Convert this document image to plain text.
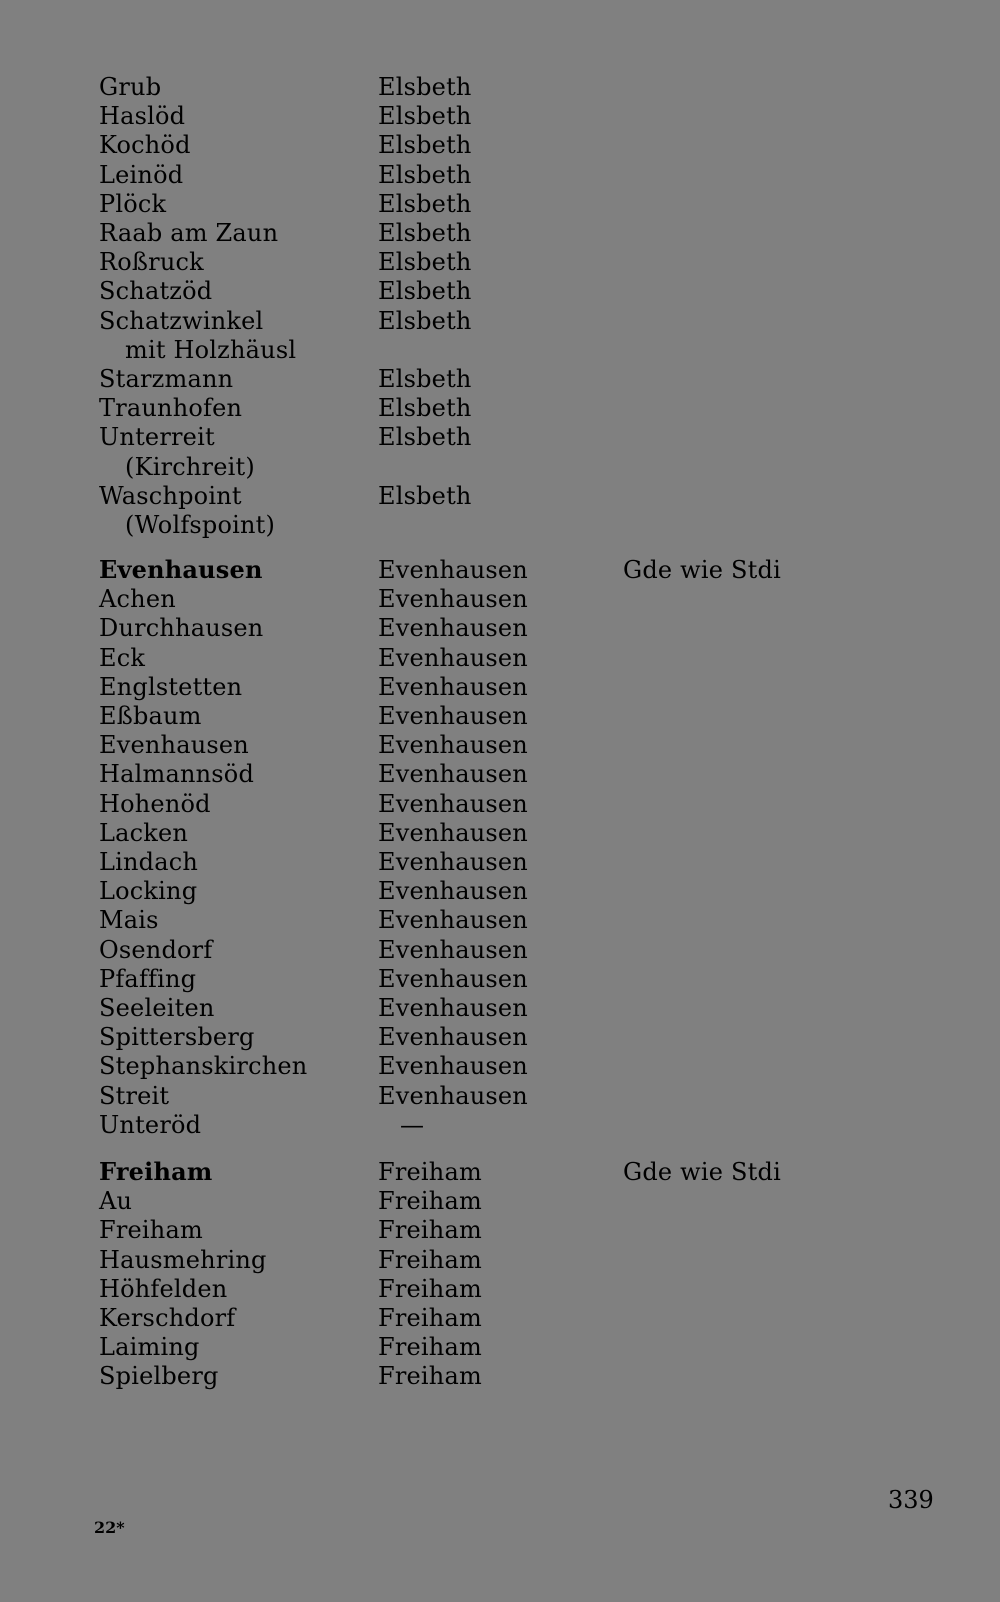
Grub	Elsbeth
Haslöd	Elsbeth
Kochöd	Elsbeth
Leinöd	Elsbeth
Plöck	Elsbeth
Raab am Zaun	Elsbeth
Roßruck	Elsbeth
Schatzöd	Elsbeth
Schatzwinkel	Elsbeth
mit Holzhäusl
Starzmann	Elsbeth
Traunhofen	Elsbeth
Unterreit	Elsbeth
(Kirchreit)
Waschpoint	Elsbeth
(Wolfspoint)
Evenhausen	Evenhausen	Gde wie Stdi
Achen	Evenhausen
Durchhausen	Evenhausen
Eck	Evenhausen
Englstetten	Evenhausen
Eßbaum	Evenhausen
Evenhausen	Evenhausen
Halmannsöd	Evenhausen
Hohenöd	Evenhausen
Lacken	Evenhausen
Lindach	Evenhausen
Locking	Evenhausen
Mais	Evenhausen
Osendorf	Evenhausen
Pfaffing	Evenhausen
Seeleiten	Evenhausen
Spittersberg	Evenhausen
Stephanskirchen	Evenhausen
Streit	Evenhausen
Unteröd	—
Freiham	Freiham	Gde wie Stdi
Au	Freiham
Freiham	Freiham
Hausmehring	Freiham
Höhfelden	Freiham
Kerschdorf	Freiham
Laiming	Freiham
Spielberg	Freiham
339
22*
